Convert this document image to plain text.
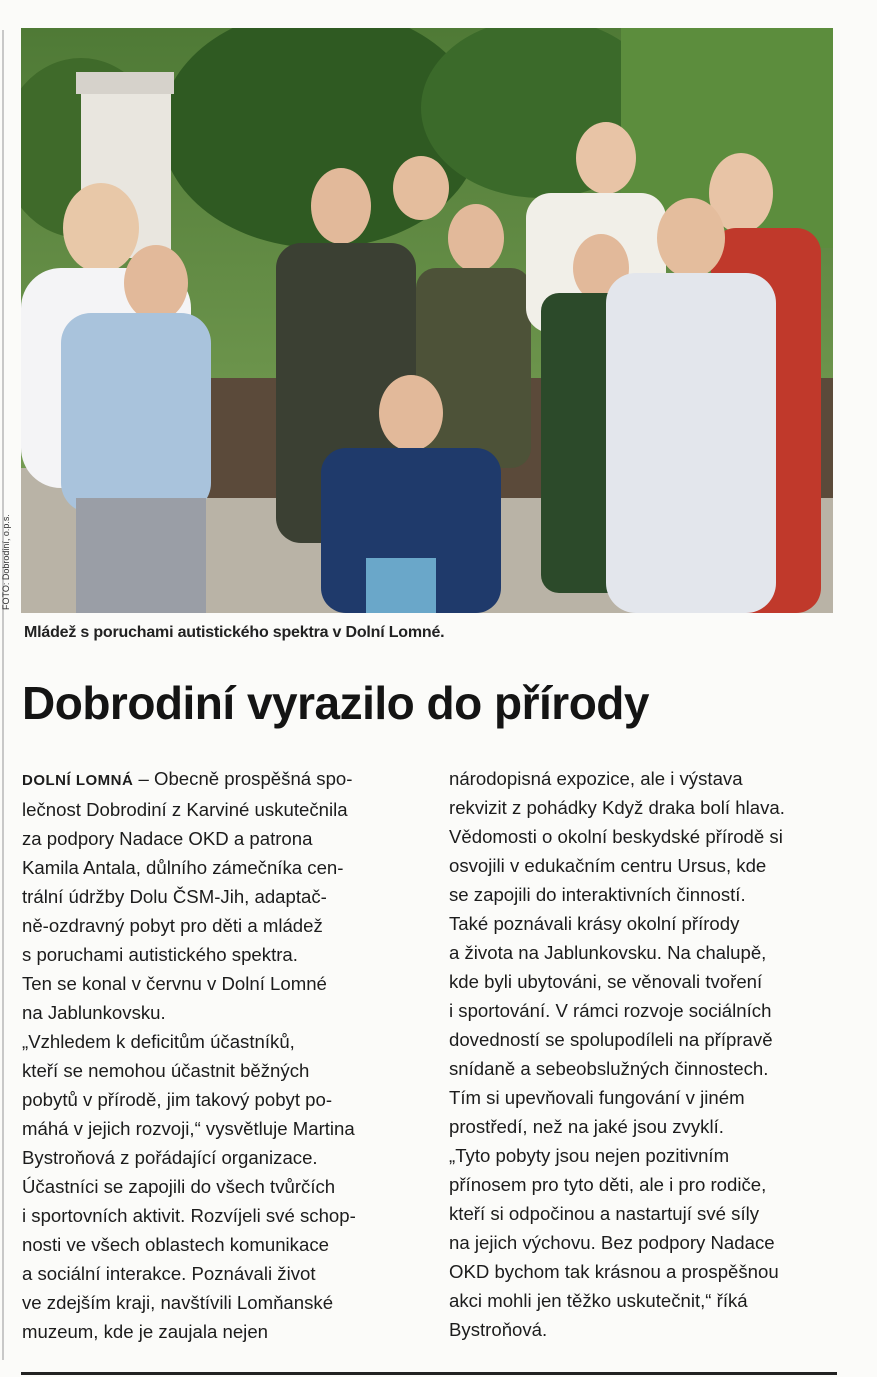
FOTO: Dobrodiní, o.p.s.
Mládež s poruchami autistického spektra v Dolní Lomné.
Dobrodiní vyrazilo do přírody

DOLNÍ LOMNÁ – Obecně prospěšná spo-

lečnost Dobrodiní z Karviné uskutečnila

za podpory Nadace OKD a patrona

Kamila Antala, důlního zámečníka cen-

trální údržby Dolu ČSM-Jih, adaptač-

ně-ozdravný pobyt pro děti a mládež

s poruchami autistického spektra.

Ten se konal v červnu v Dolní Lomné

na Jablunkovsku.

„Vzhledem k deficitům účastníků,

kteří se nemohou účastnit běžných

pobytů v přírodě, jim takový pobyt po-

máhá v jejich rozvoji,“ vysvětluje Martina

Bystroňová z pořádající organizace.

Účastníci se zapojili do všech tvůrčích

i sportovních aktivit. Rozvíjeli své schop-

nosti ve všech oblastech komunikace

a sociální interakce. Poznávali život

ve zdejším kraji, navštívili Lomňanské

muzeum, kde je zaujala nejen

národopisná expozice, ale i výstava

rekvizit z pohádky Když draka bolí hlava.

Vědomosti o okolní beskydské přírodě si

osvojili v edukačním centru Ursus, kde

se zapojili do interaktivních činností.

Také poznávali krásy okolní přírody

a života na Jablunkovsku. Na chalupě,

kde byli ubytováni, se věnovali tvoření

i sportování. V rámci rozvoje sociálních

dovedností se spolupodíleli na přípravě

snídaně a sebeobslužných činnostech.

Tím si upevňovali fungování v jiném

prostředí, než na jaké jsou zvyklí.

„Tyto pobyty jsou nejen pozitivním

přínosem pro tyto děti, ale i pro rodiče,

kteří si odpočinou a nastartují své síly

na jejich výchovu. Bez podpory Nadace

OKD bychom tak krásnou a prospěšnou

akci mohli jen těžko uskutečnit,“ říká

Bystroňová.
